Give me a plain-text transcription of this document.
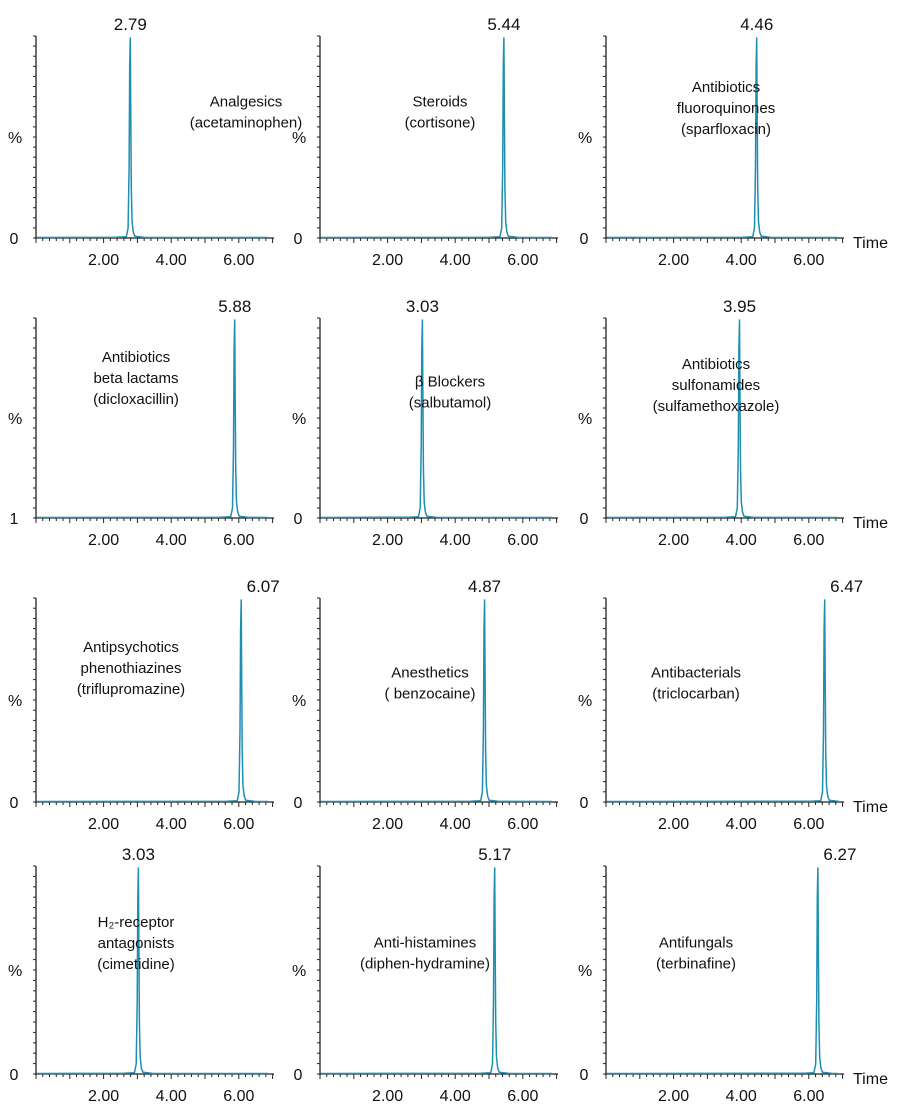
%
0
2.00 4.00 6.00
2.79
Analgesics
(acetaminophen)
%
0
2.00 4.00 6.00
5.44
Steroids
(cortisone)
%
0
2.00 4.00 6.00
Time
4.46
Antibiotics
fluoroquinones
(sparfloxacin)
%
1
2.00 4.00 6.00
5.88
Antibiotics
beta lactams
(dicloxacillin)
%
0
2.00 4.00 6.00
3.03
β Blockers
(salbutamol)
%
0
2.00 4.00 6.00
Time
3.95
Antibiotics
sulfonamides
(sulfamethoxazole)
%
0
2.00 4.00 6.00
6.07
Antipsychotics
phenothiazines
(triflupromazine)
%
0
2.00 4.00 6.00
4.87
Anesthetics
( benzocaine)	%
0
2.00 4.00 6.00
Time
6.47
Antibacterials
(triclocarban)
%
0
2.00 4.00 6.00
3.03
H₂-receptor
antagonists
(cimetidine)	%
0
2.00 4.00 6.00
5.17
Anti-histamines
(diphen-hydramine)	%
0
2.00 4.00 6.00
Time
6.27
Antifungals
(terbinafine)
